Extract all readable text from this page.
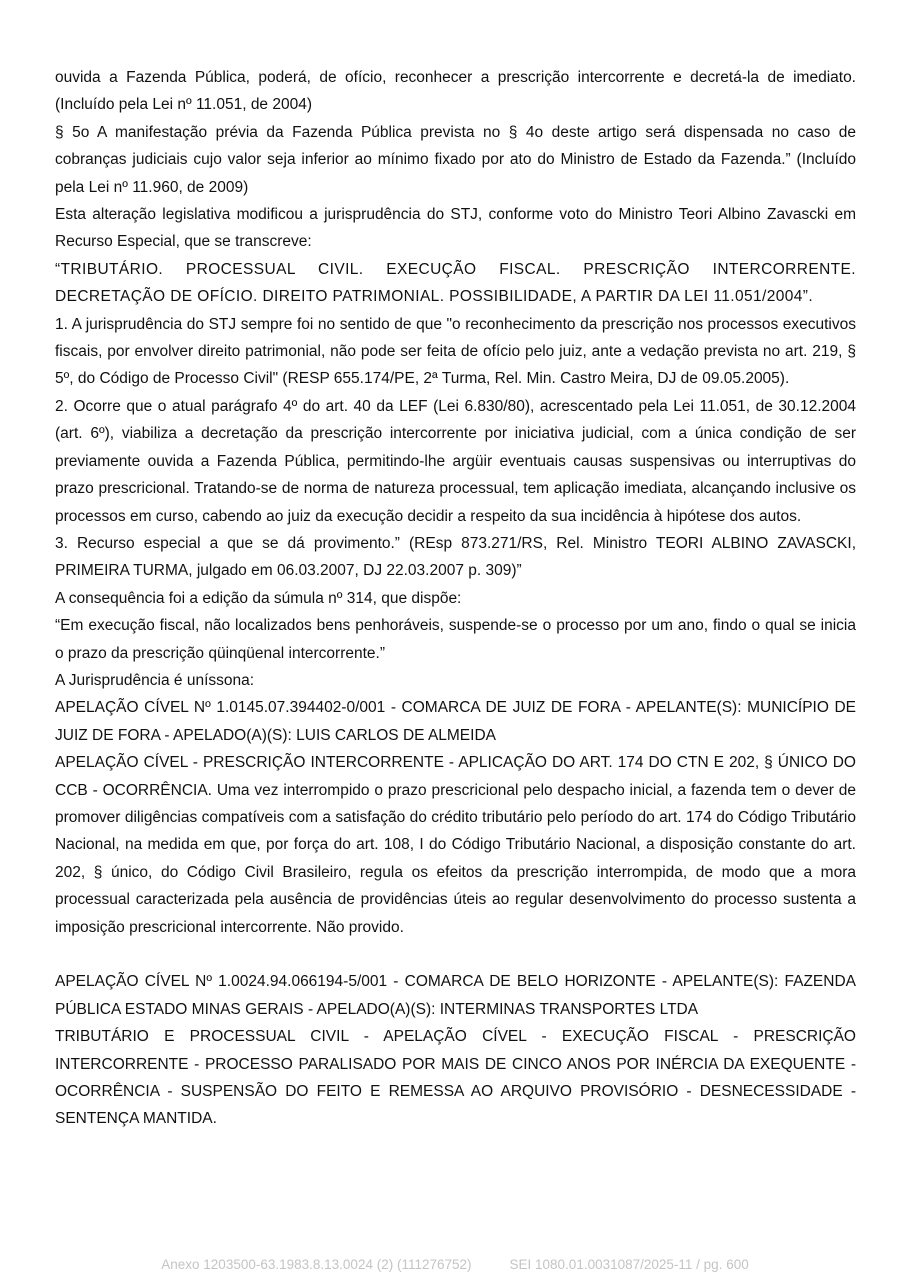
ouvida a Fazenda Pública, poderá, de ofício, reconhecer a prescrição intercorrente e decretá-la de imediato. (Incluído pela Lei nº 11.051, de 2004)

§ 5o A manifestação prévia da Fazenda Pública prevista no § 4o deste artigo será dispensada no caso de cobranças judiciais cujo valor seja inferior ao mínimo fixado por ato do Ministro de Estado da Fazenda.” (Incluído pela Lei nº 11.960, de 2009)

Esta alteração legislativa modificou a jurisprudência do STJ, conforme voto do Ministro Teori Albino Zavascki em Recurso Especial, que se transcreve:

“TRIBUTÁRIO. PROCESSUAL CIVIL. EXECUÇÃO FISCAL. PRESCRIÇÃO INTERCORRENTE. DECRETAÇÃO DE OFÍCIO. DIREITO PATRIMONIAL. POSSIBILIDADE, A PARTIR DA LEI 11.051/2004”.

1. A jurisprudência do STJ sempre foi no sentido de que "o reconhecimento da prescrição nos processos executivos fiscais, por envolver direito patrimonial, não pode ser feita de ofício pelo juiz, ante a vedação prevista no art. 219, § 5º, do Código de Processo Civil" (RESP 655.174/PE, 2ª Turma, Rel. Min. Castro Meira, DJ de 09.05.2005).

2. Ocorre que o atual parágrafo 4º do art. 40 da LEF (Lei 6.830/80), acrescentado pela Lei 11.051, de 30.12.2004 (art. 6º), viabiliza a decretação da prescrição intercorrente por iniciativa judicial, com a única condição de ser previamente ouvida a Fazenda Pública, permitindo-lhe argüir eventuais causas suspensivas ou interruptivas do prazo prescricional. Tratando-se de norma de natureza processual, tem aplicação imediata, alcançando inclusive os processos em curso, cabendo ao juiz da execução decidir a respeito da sua incidência à hipótese dos autos.

3. Recurso especial a que se dá provimento.” (REsp 873.271/RS, Rel. Ministro TEORI ALBINO ZAVASCKI, PRIMEIRA TURMA, julgado em 06.03.2007, DJ 22.03.2007 p. 309)”

A consequência foi a edição da súmula nº 314, que dispõe:

“Em execução fiscal, não localizados bens penhoráveis, suspende-se o processo por um ano, findo o qual se inicia o prazo da prescrição qüinqüenal intercorrente.”

A Jurisprudência é uníssona:

APELAÇÃO CÍVEL Nº 1.0145.07.394402-0/001 - COMARCA DE JUIZ DE FORA - APELANTE(S): MUNICÍPIO DE JUIZ DE FORA - APELADO(A)(S): LUIS CARLOS DE ALMEIDA

APELAÇÃO CÍVEL - PRESCRIÇÃO INTERCORRENTE - APLICAÇÃO DO ART. 174 DO CTN E 202, § ÚNICO DO CCB - OCORRÊNCIA. Uma vez interrompido o prazo prescricional pelo despacho inicial, a fazenda tem o dever de promover diligências compatíveis com a satisfação do crédito tributário pelo período do art. 174 do Código Tributário Nacional, na medida em que, por força do art. 108, I do Código Tributário Nacional, a disposição constante do art. 202, § único, do Código Civil Brasileiro, regula os efeitos da prescrição interrompida, de modo que a mora processual caracterizada pela ausência de providências úteis ao regular desenvolvimento do processo sustenta a imposição prescricional intercorrente. Não provido.

APELAÇÃO CÍVEL Nº 1.0024.94.066194-5/001 - COMARCA DE BELO HORIZONTE - APELANTE(S): FAZENDA PÚBLICA ESTADO MINAS GERAIS - APELADO(A)(S): INTERMINAS TRANSPORTES LTDA

TRIBUTÁRIO E PROCESSUAL CIVIL - APELAÇÃO CÍVEL - EXECUÇÃO FISCAL - PRESCRIÇÃO INTERCORRENTE - PROCESSO PARALISADO POR MAIS DE CINCO ANOS POR INÉRCIA DA EXEQUENTE - OCORRÊNCIA - SUSPENSÃO DO FEITO E REMESSA AO ARQUIVO PROVISÓRIO - DESNECESSIDADE - SENTENÇA MANTIDA.

Anexo 1203500-63.1983.8.13.0024 (2) (111276752)	SEI 1080.01.0031087/2025-11 / pg. 600
